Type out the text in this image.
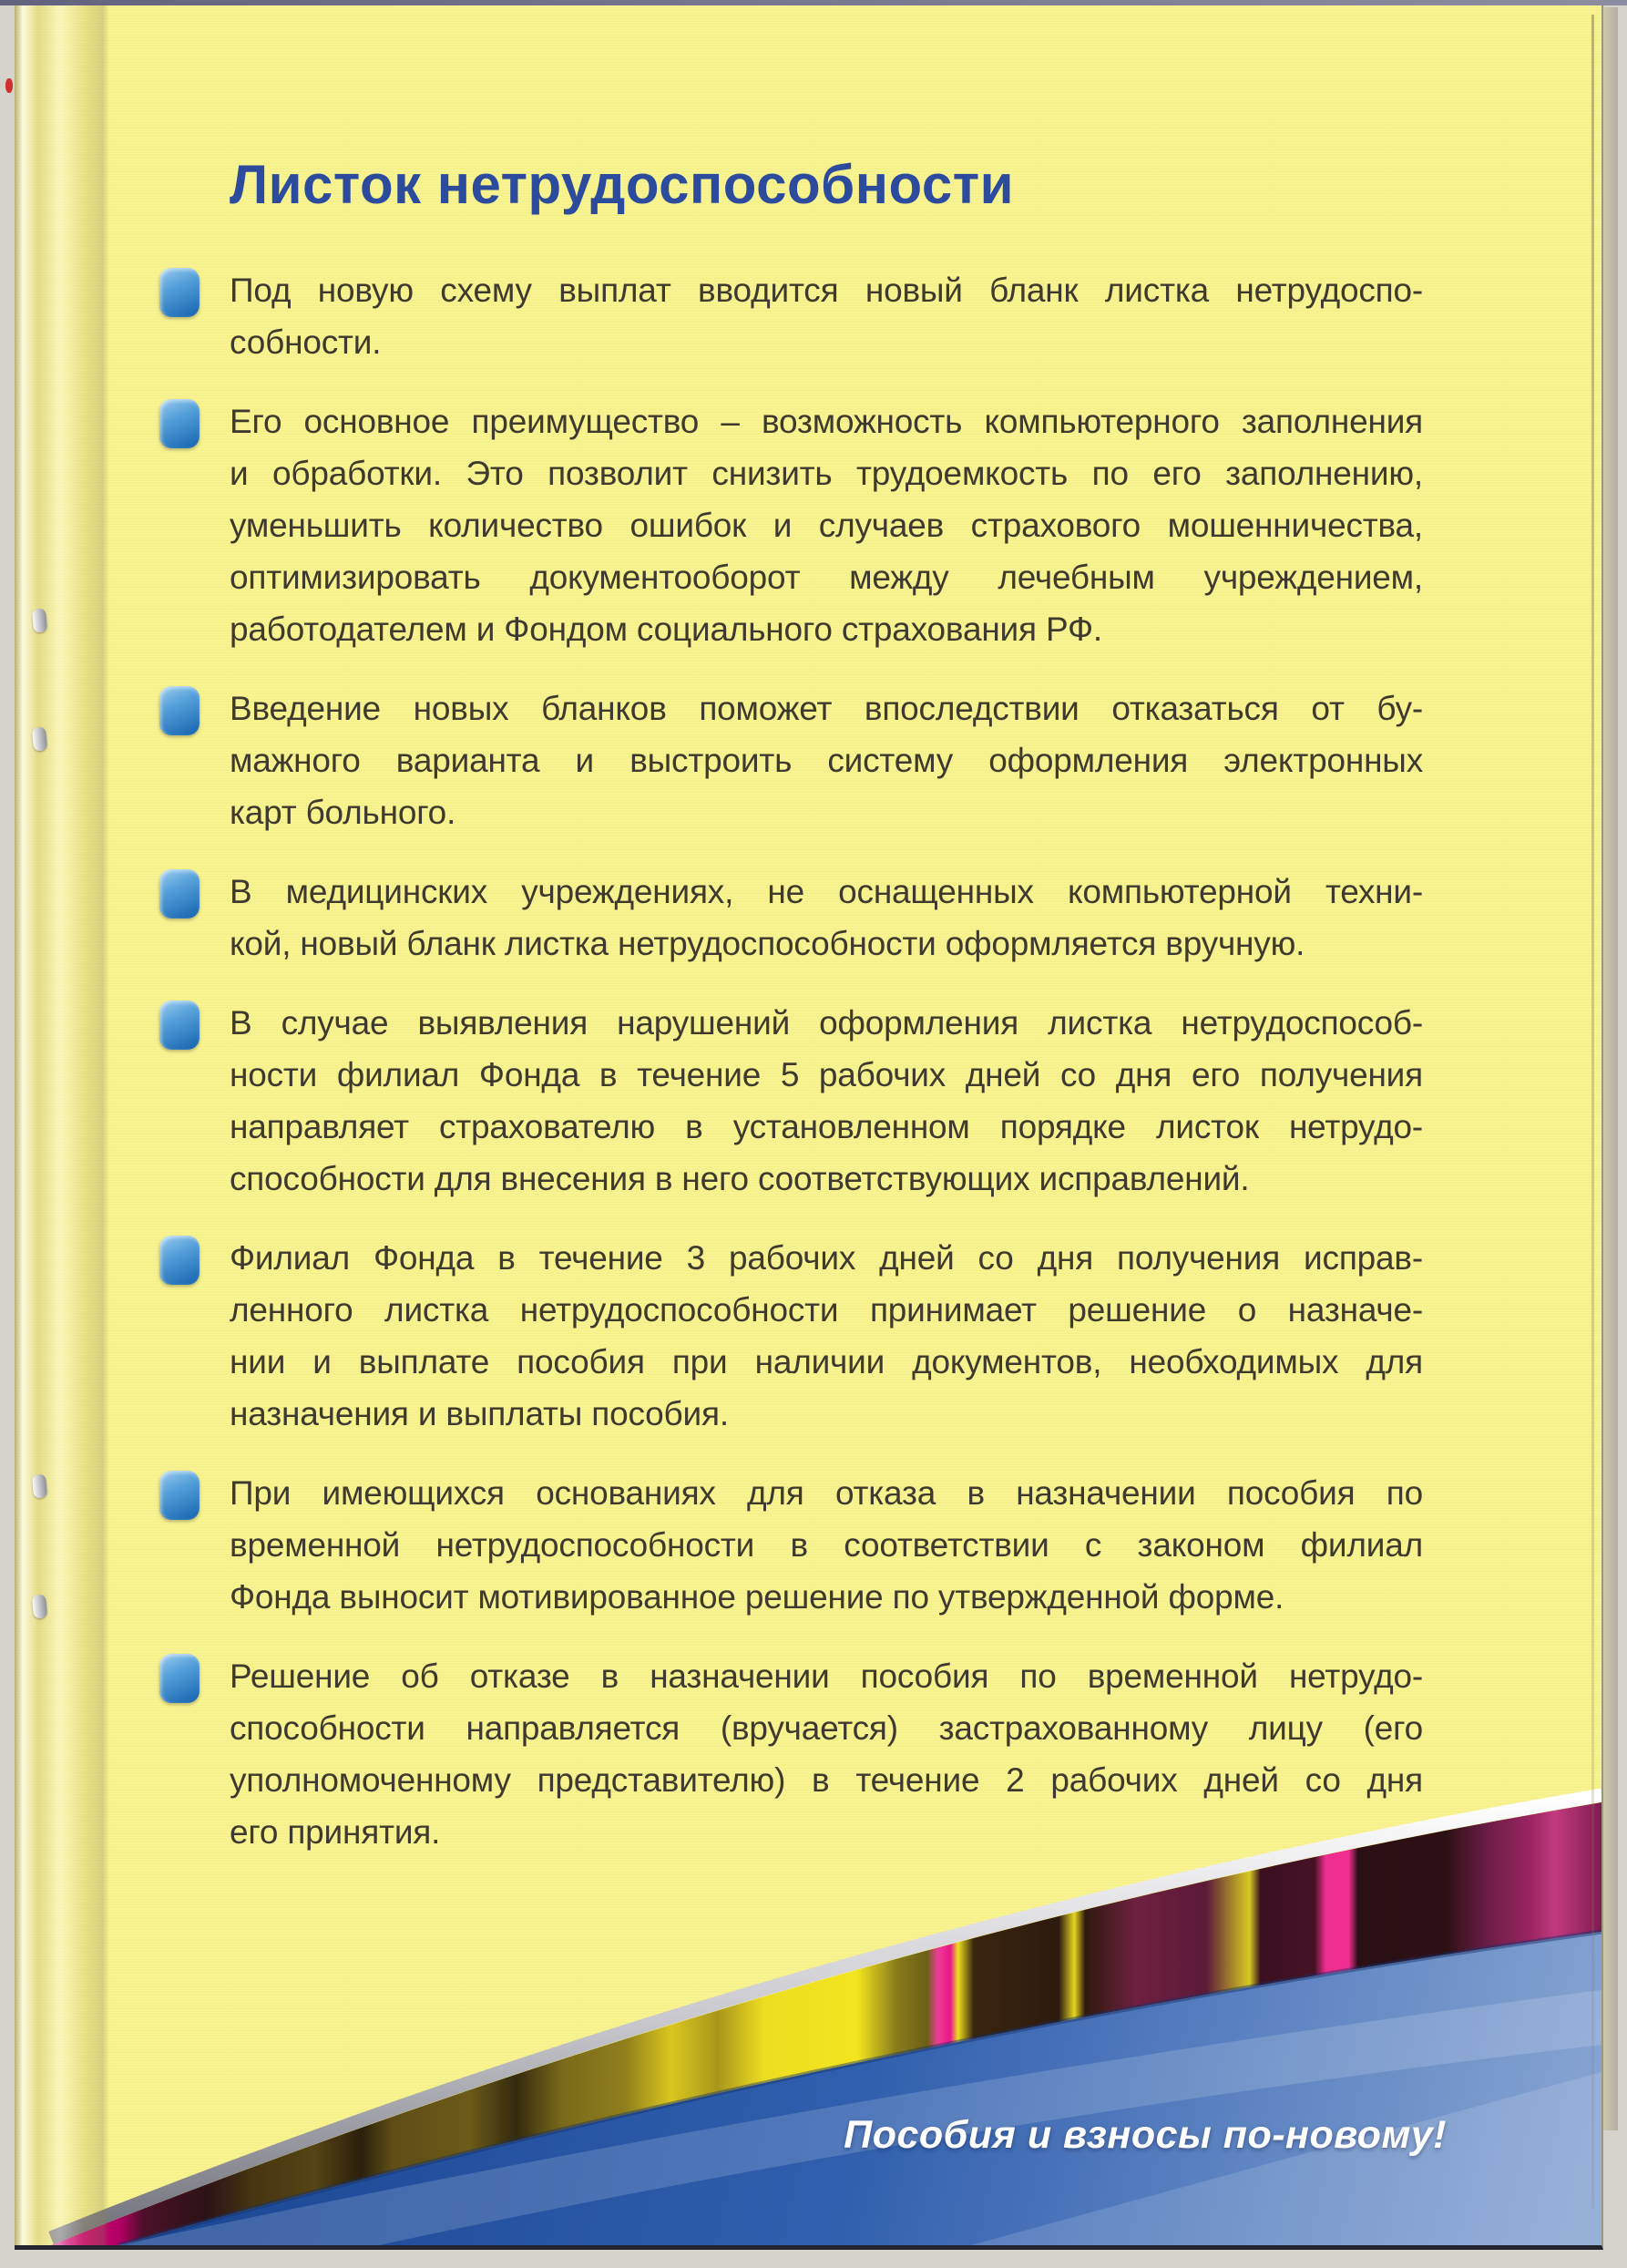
Листок нетрудоспособности
Под новую схему выплат вводится новый бланк листка нетрудоспо-
собности.
Его основное преимущество – возможность компьютерного заполнения
и обработки. Это позволит снизить трудоемкость по его заполнению,
уменьшить количество ошибок и случаев страхового мошенничества,
оптимизировать документооборот между лечебным учреждением,
работодателем и Фондом социального страхования РФ.
Введение новых бланков поможет впоследствии отказаться от бу-
мажного варианта и выстроить систему оформления электронных
карт больного.
В медицинских учреждениях, не оснащенных компьютерной техни-
кой, новый бланк листка нетрудоспособности оформляется вручную.
В случае выявления нарушений оформления листка нетрудоспособ-
ности филиал Фонда в течение 5 рабочих дней со дня его получения
направляет страхователю в установленном порядке листок нетрудо-
способности для внесения в него соответствующих исправлений.
Филиал Фонда в течение 3 рабочих дней со дня получения исправ-
ленного листка нетрудоспособности принимает решение о назначе-
нии и выплате пособия при наличии документов, необходимых для
назначения и выплаты пособия.
При имеющихся основаниях для отказа в назначении пособия по
временной нетрудоспособности в соответствии с законом филиал
Фонда выносит мотивированное решение по утвержденной форме.
Решение об отказе в назначении пособия по временной нетрудо-
способности направляется (вручается) застрахованному лицу (его
уполномоченному представителю) в течение 2 рабочих дней со дня
его принятия.
Пособия и взносы по-новому!
